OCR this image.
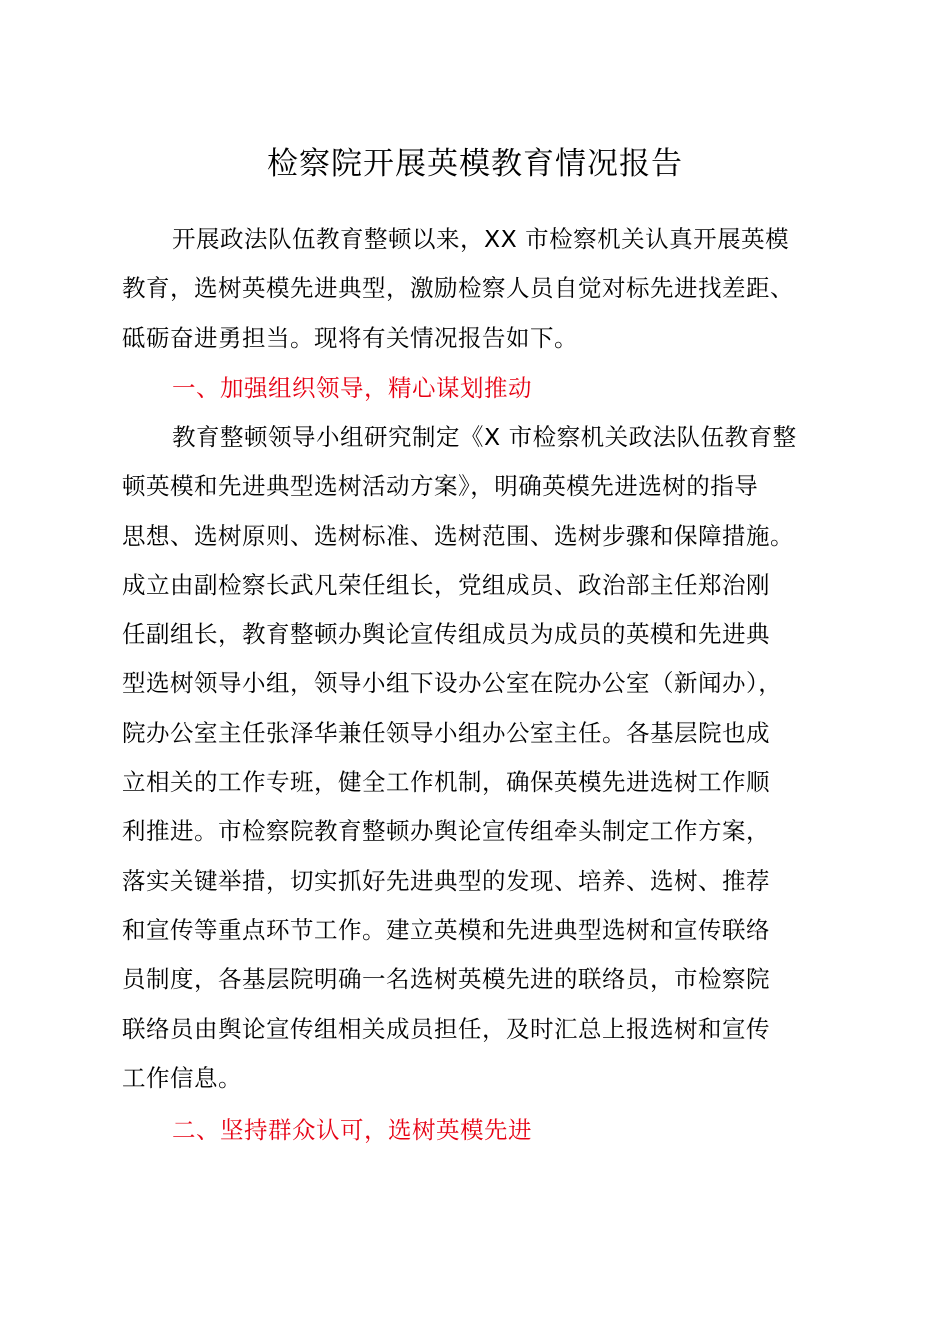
检察院开展英模教育情况报告

开展政法队伍教育整顿以来，XX 市检察机关认真开展英模
教育，选树英模先进典型，激励检察人员自觉对标先进找差距、
砥砺奋进勇担当。现将有关情况报告如下。

一、加强组织领导，精心谋划推动

教育整顿领导小组研究制定《X 市检察机关政法队伍教育整
顿英模和先进典型选树活动方案》，明确英模先进选树的指导
思想、选树原则、选树标准、选树范围、选树步骤和保障措施。
成立由副检察长武凡荣任组长，党组成员、政治部主任郑治刚
任副组长，教育整顿办舆论宣传组成员为成员的英模和先进典
型选树领导小组，领导小组下设办公室在院办公室（新闻办），
院办公室主任张泽华兼任领导小组办公室主任。各基层院也成
立相关的工作专班，健全工作机制，确保英模先进选树工作顺
利推进。市检察院教育整顿办舆论宣传组牵头制定工作方案，
落实关键举措，切实抓好先进典型的发现、培养、选树、推荐
和宣传等重点环节工作。建立英模和先进典型选树和宣传联络
员制度，各基层院明确一名选树英模先进的联络员，市检察院
联络员由舆论宣传组相关成员担任，及时汇总上报选树和宣传
工作信息。

二、坚持群众认可，选树英模先进
